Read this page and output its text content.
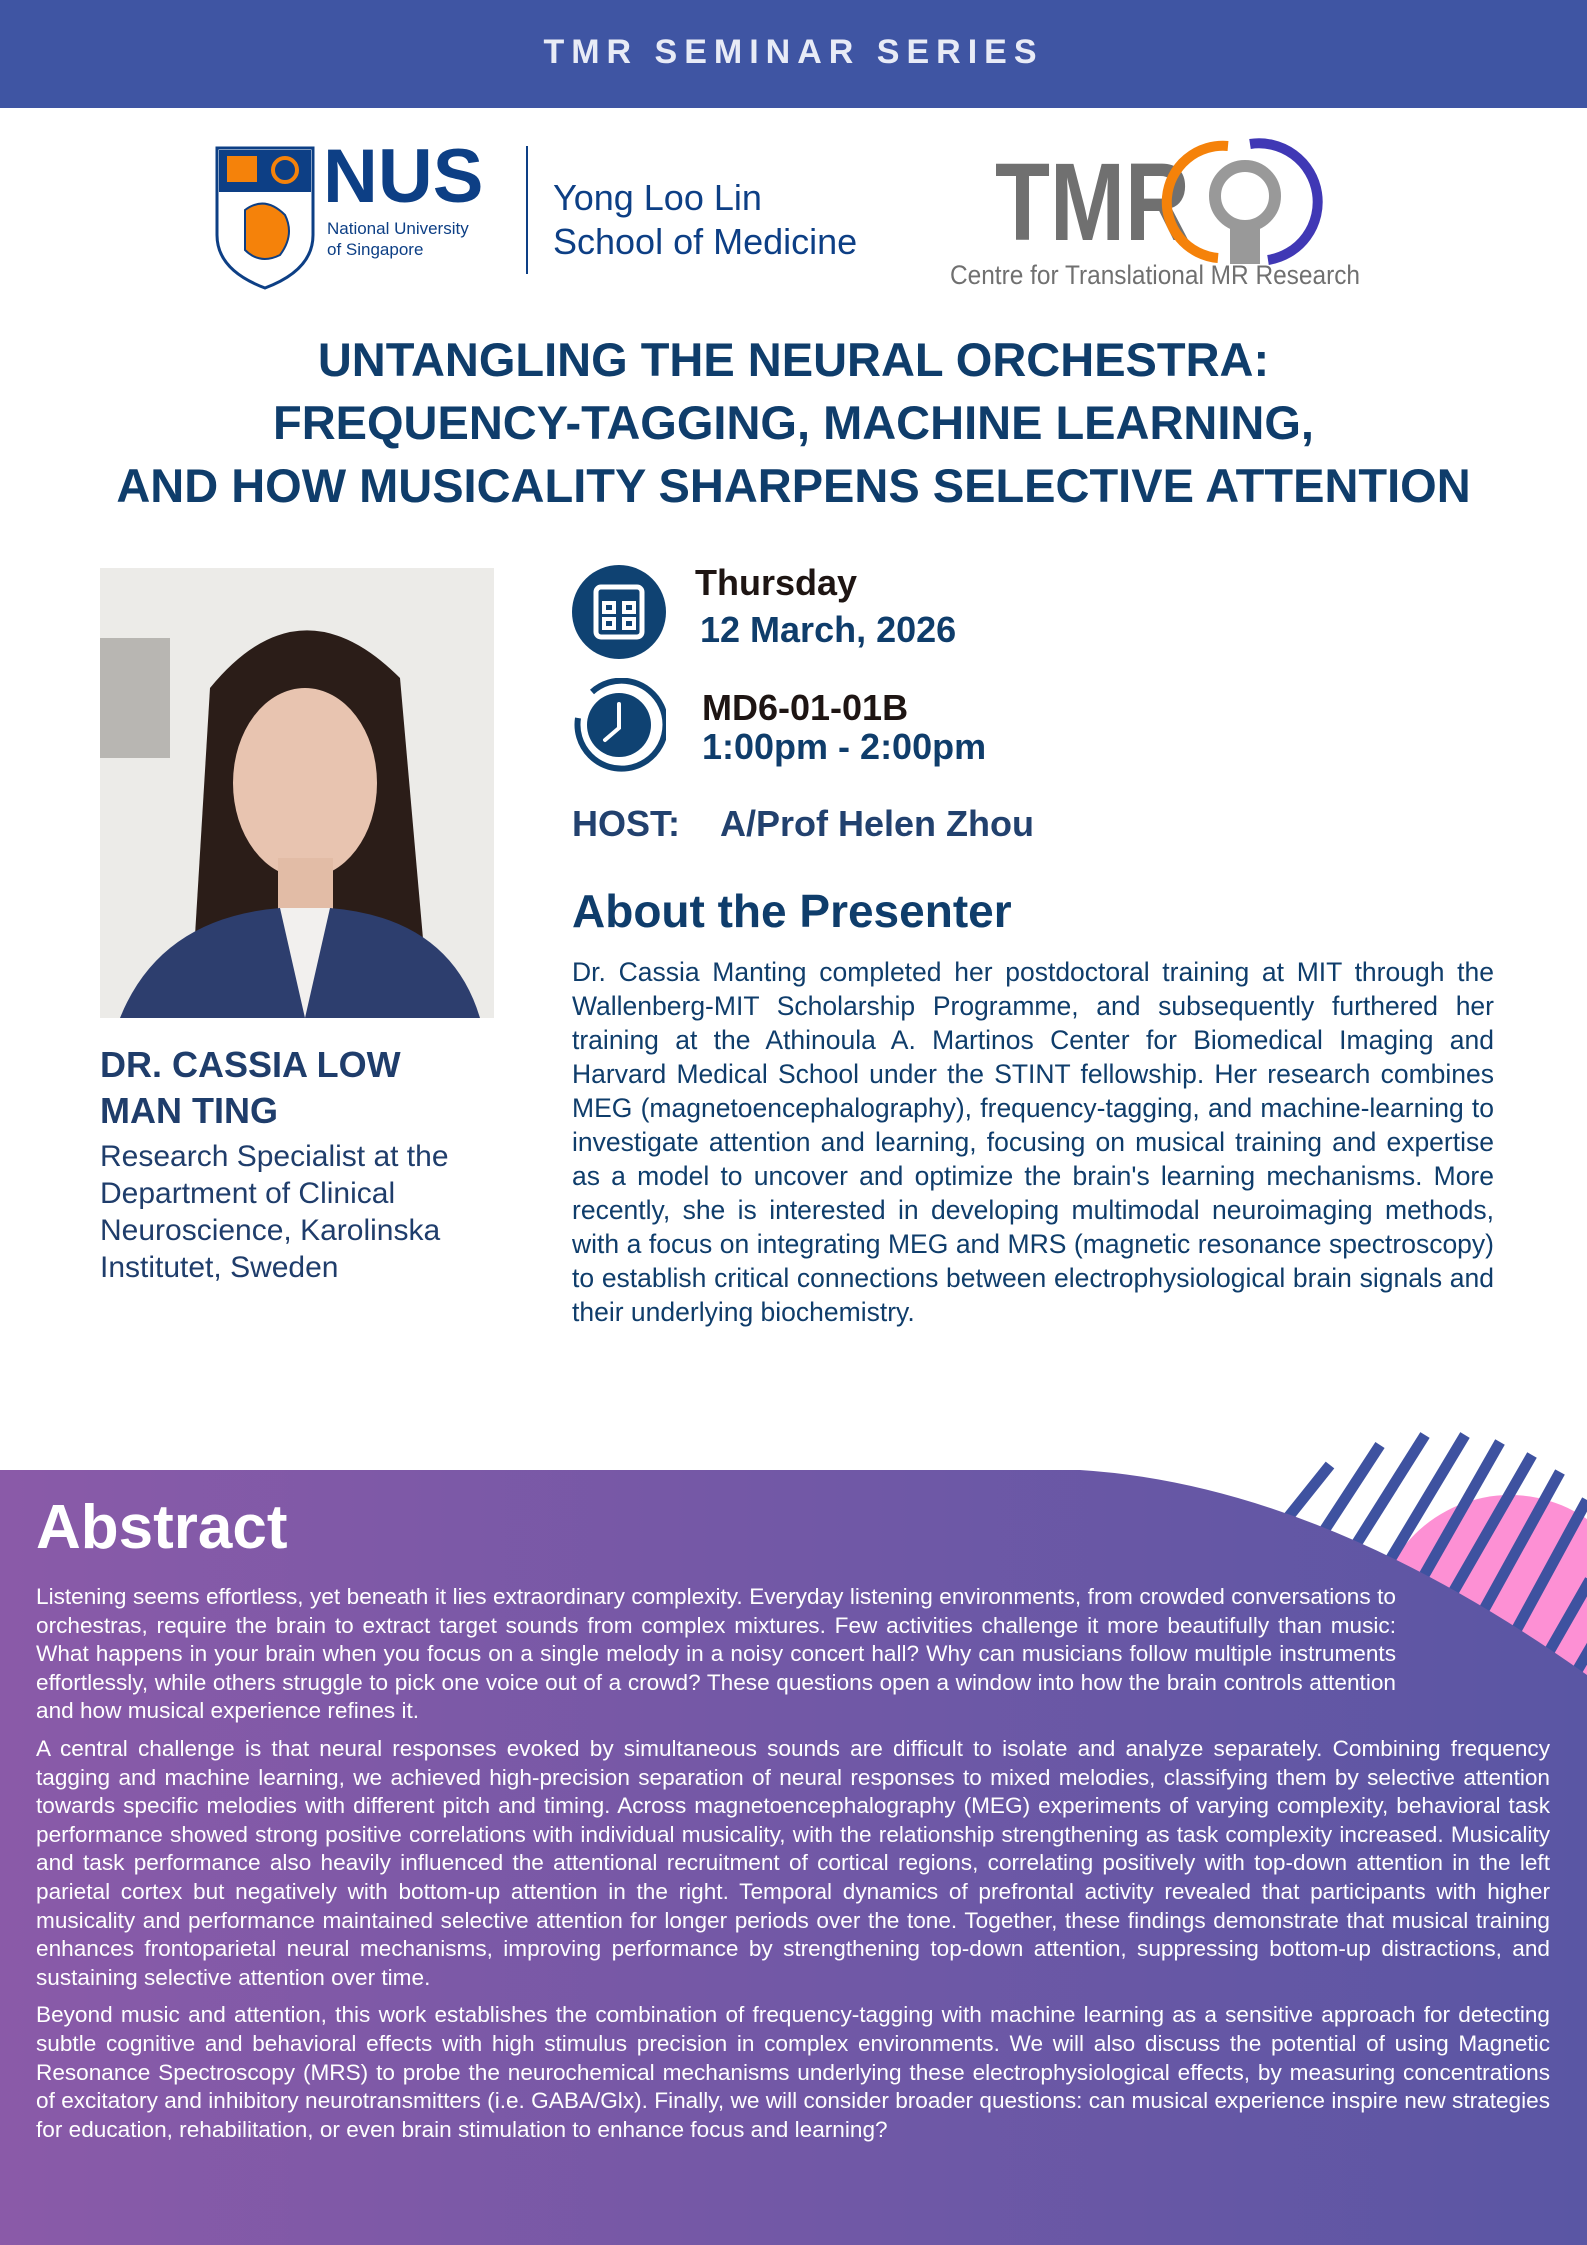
TMR SEMINAR SERIES
NUS
National University
of Singapore
Yong Loo Lin
School of Medicine TMR
Centre for Translational MR Research
UNTANGLING THE NEURAL ORCHESTRA:
FREQUENCY-TAGGING, MACHINE LEARNING,
AND HOW MUSICALITY SHARPENS SELECTIVE ATTENTION
DR. CASSIA LOW
MAN TING
Research Specialist at the Department of Clinical Neuroscience, Karolinska Institutet, Sweden
Thursday
12 March, 2026
MD6-01-01B
1:00pm - 2:00pm
HOST: A/Prof Helen Zhou
About the Presenter
Dr. Cassia Manting completed her postdoctoral training at MIT through the Wallenberg-MIT Scholarship Programme, and subsequently furthered her training at the Athinoula A. Martinos Center for Biomedical Imaging and Harvard Medical School under the STINT fellowship. Her research combines MEG (magnetoencephalography), frequency-tagging, and machine-learning to investigate attention and learning, focusing on musical training and expertise as a model to uncover and optimize the brain's learning mechanisms. More recently, she is interested in developing multimodal neuroimaging methods, with a focus on integrating MEG and MRS (magnetic resonance spectroscopy) to establish critical connections between electrophysiological brain signals and their underlying biochemistry.
Abstract

Listening seems effortless, yet beneath it lies extraordinary complexity. Everyday listening environments, from crowded conversations to orchestras, require the brain to extract target sounds from complex mixtures. Few activities challenge it more beautifully than music: What happens in your brain when you focus on a single melody in a noisy concert hall? Why can musicians follow multiple instruments effortlessly, while others struggle to pick one voice out of a crowd? These questions open a window into how the brain controls attention and how musical experience refines it.

A central challenge is that neural responses evoked by simultaneous sounds are difficult to isolate and analyze separately. Combining frequency tagging and machine learning, we achieved high-precision separation of neural responses to mixed melodies, classifying them by selective attention towards specific melodies with different pitch and timing. Across magnetoencephalography (MEG) experiments of varying complexity, behavioral task performance showed strong positive correlations with individual musicality, with the relationship strengthening as task complexity increased. Musicality and task performance also heavily influenced the attentional recruitment of cortical regions, correlating positively with top-down attention in the left parietal cortex but negatively with bottom-up attention in the right. Temporal dynamics of prefrontal activity revealed that participants with higher musicality and performance maintained selective attention for longer periods over the tone. Together, these findings demonstrate that musical training enhances frontoparietal neural mechanisms, improving performance by strengthening top-down attention, suppressing bottom-up distractions, and sustaining selective attention over time.

Beyond music and attention, this work establishes the combination of frequency-tagging with machine learning as a sensitive approach for detecting subtle cognitive and behavioral effects with high stimulus precision in complex environments. We will also discuss the potential of using Magnetic Resonance Spectroscopy (MRS) to probe the neurochemical mechanisms underlying these electrophysiological effects, by measuring concentrations of excitatory and inhibitory neurotransmitters (i.e. GABA/Glx). Finally, we will consider broader questions: can musical experience inspire new strategies for education, rehabilitation, or even brain stimulation to enhance focus and learning?
